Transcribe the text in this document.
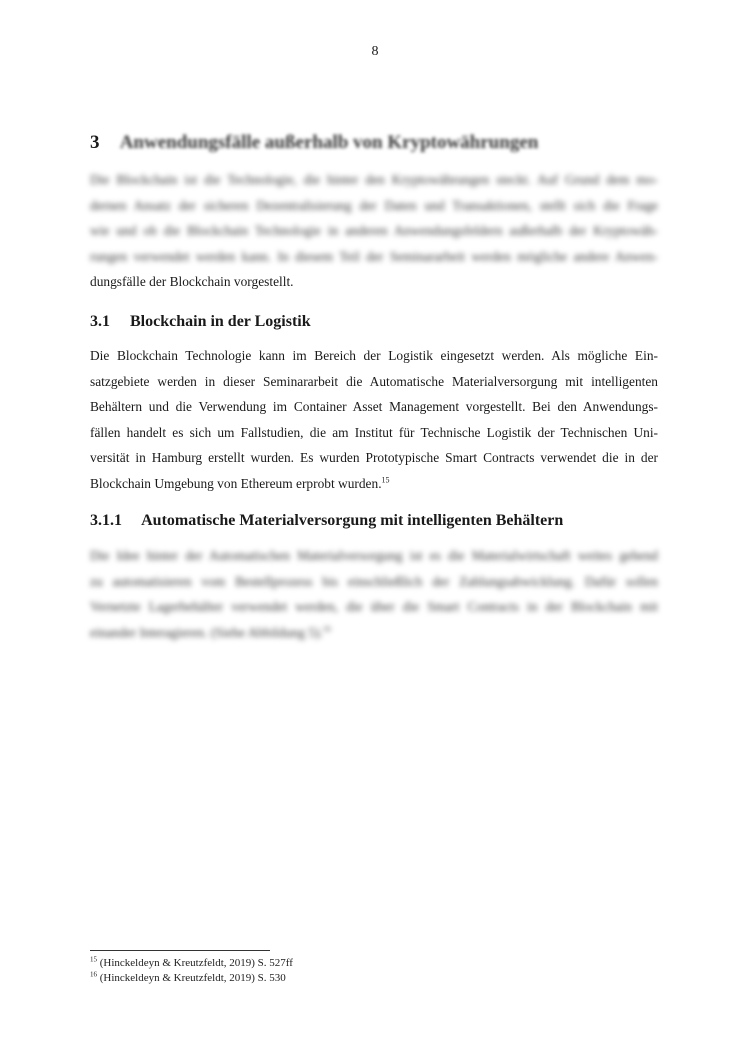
8
3 Anwendungsfälle außerhalb von Kryptowährungen
Die Blockchain ist die Technologie, die hinter den Kryptowährungen steckt. Auf Grund dem mo-
dernen Ansatz der sicheren Dezentralisierung der Daten und Transaktionen, stellt sich die Frage
wie und ob die Blockchain Technologie in anderen Anwendungsfeldern außerhalb der Kryptowäh-
rungen verwendet werden kann. In diesem Teil der Seminararbeit werden mögliche andere Anwen-
dungsfälle der Blockchain vorgestellt.
3.1 Blockchain in der Logistik
Die Blockchain Technologie kann im Bereich der Logistik eingesetzt werden. Als mögliche Ein-
satzgebiete werden in dieser Seminararbeit die Automatische Materialversorgung mit intelligenten
Behältern und die Verwendung im Container Asset Management vorgestellt. Bei den Anwendungs-
fällen handelt es sich um Fallstudien, die am Institut für Technische Logistik der Technischen Uni-
versität in Hamburg erstellt wurden. Es wurden Prototypische Smart Contracts verwendet die in der
Blockchain Umgebung von Ethereum erprobt wurden.$^{15}$
3.1.1 Automatische Materialversorgung mit intelligenten Behältern
Die Idee hinter der Automatischen Materialversorgung ist es die Materialwirtschaft weites gehend
zu automatisieren vom Bestellprozess bis einschließlich der Zahlungsabwicklung. Dafür sollen
Vernetzte Lagerbehälter verwendet werden, die über die Smart Contracts in der Blockchain mit
einander Interagieren. (Siehe Abbildung 5).$^{16}$
$^{15}$ (Hinckeldeyn & Kreutzfeldt, 2019) S. 527ff
$^{16}$ (Hinckeldeyn & Kreutzfeldt, 2019) S. 530
